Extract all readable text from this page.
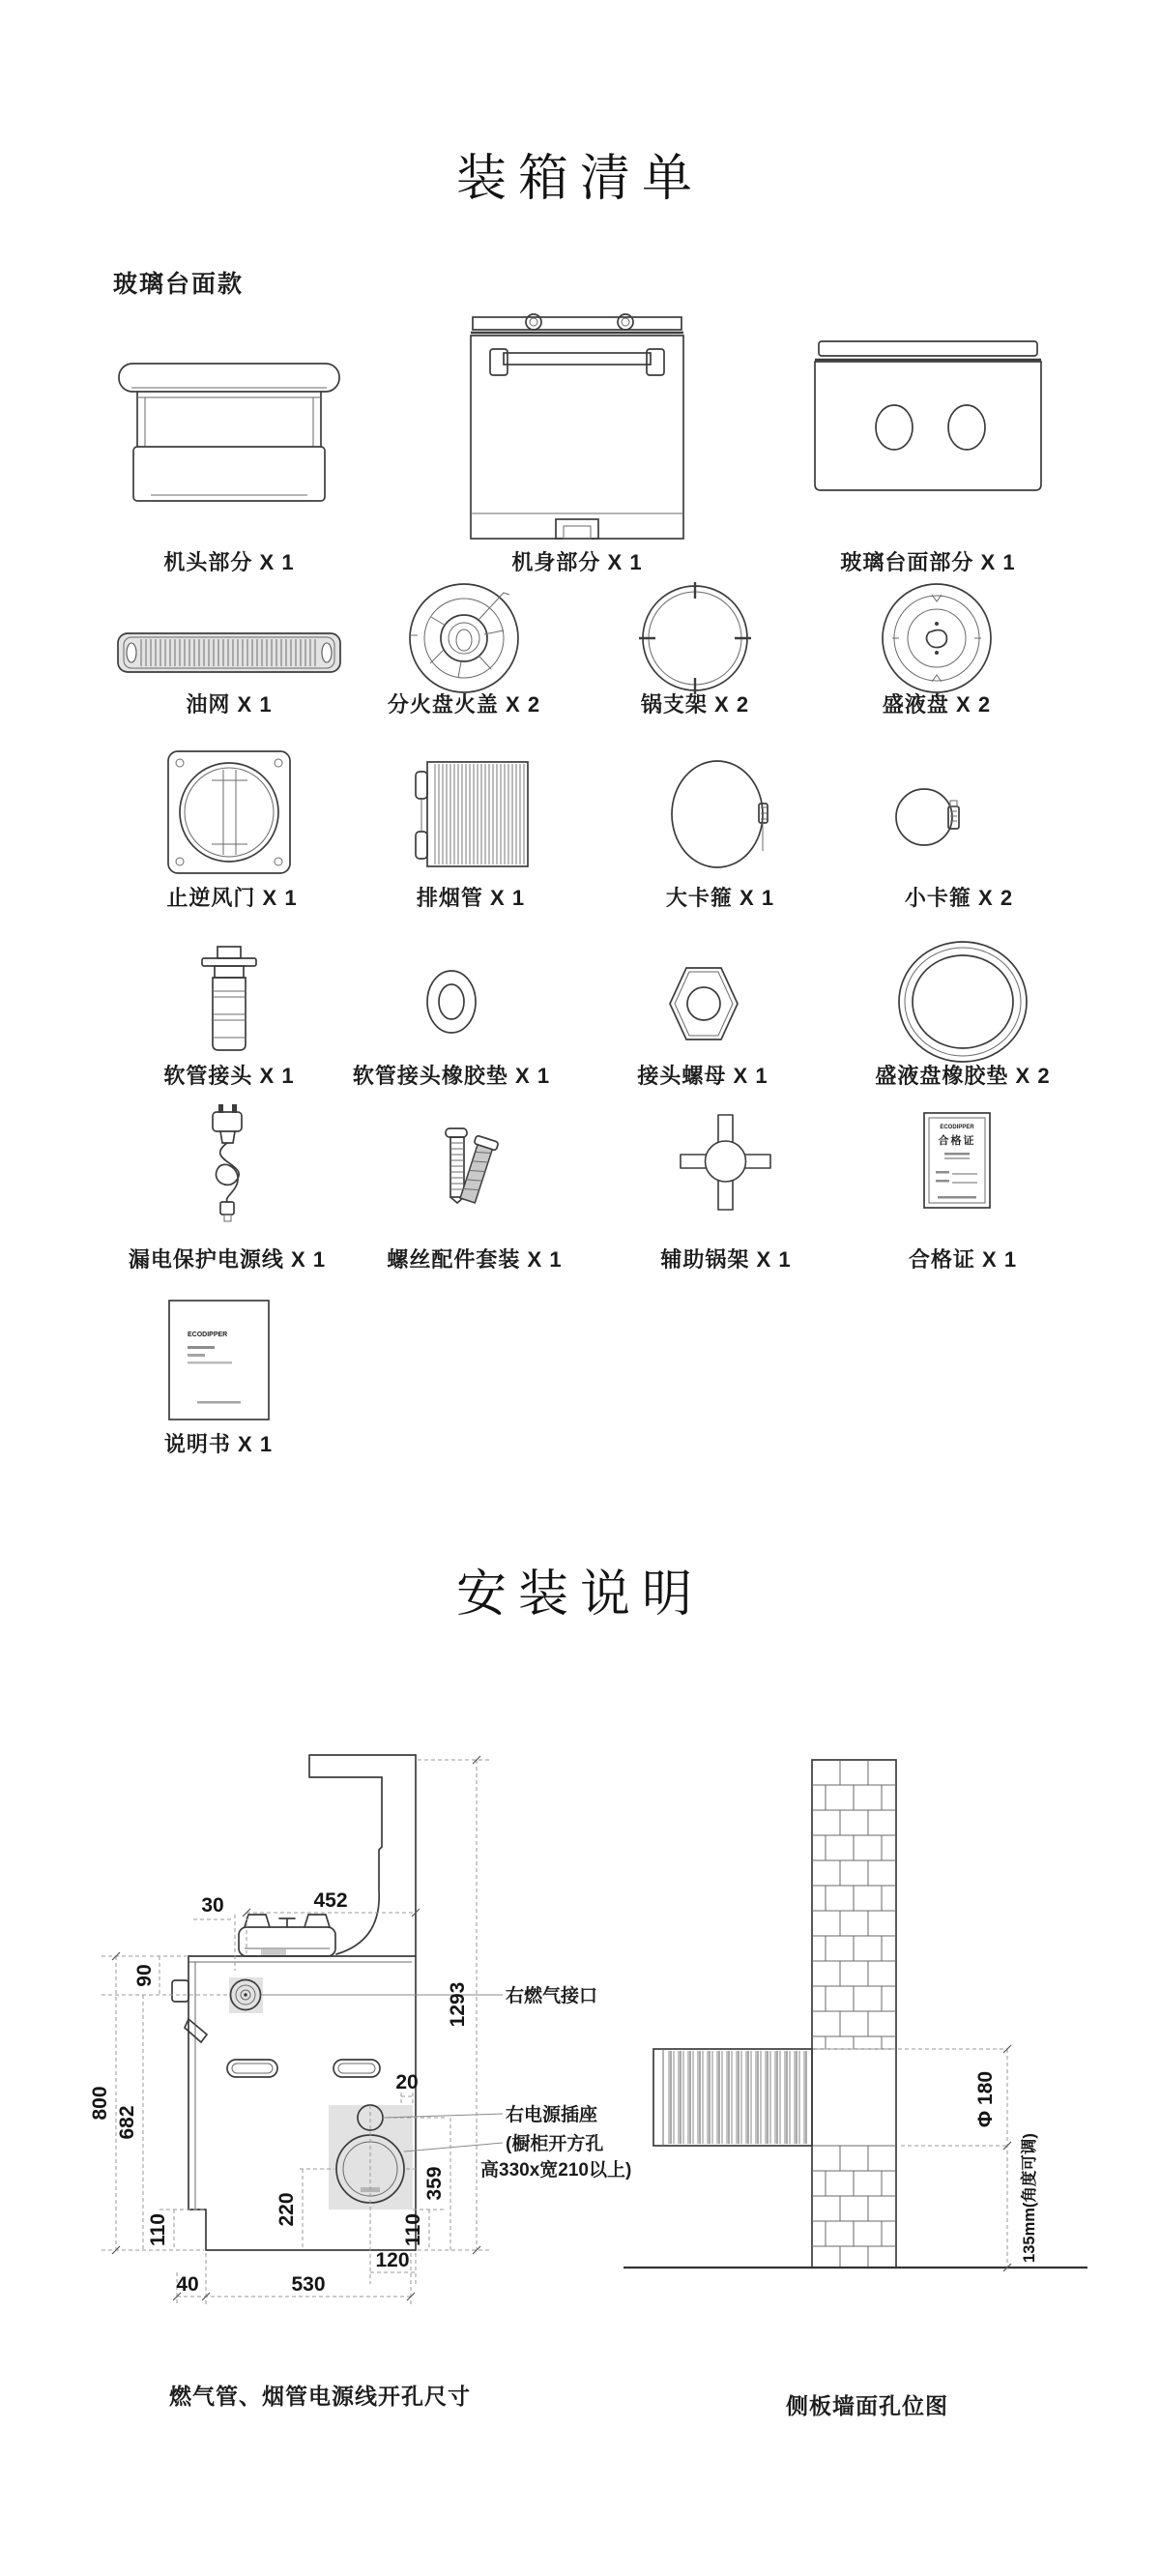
装箱清单
玻璃台面款
ECODIPPER
合格证
ECODIPPER
机头部分 X 1	机身部分 X 1	玻璃台面部分 X 1
油网 X 1	分火盘火盖 X 2	锅支架 X 2	盛液盘 X 2
止逆风门 X 1	排烟管 X 1	大卡箍 X 1	小卡箍 X 2
软管接头 X 1	软管接头橡胶垫 X 1	接头螺母 X 1	盛液盘橡胶垫 X 2
漏电保护电源线 X 1	螺丝配件套装 X 1	辅助锅架 X 1	合格证 X 1
说明书 X 1
安装说明
452
30
90
1293
800
682
110
220
110
359
20
120
530
40
右燃气接口
右电源插座
(橱柜开方孔
高330x宽210以上)
Φ 180
135mm(角度可调)
燃气管、烟管电源线开孔尺寸	侧板墙面孔位图
